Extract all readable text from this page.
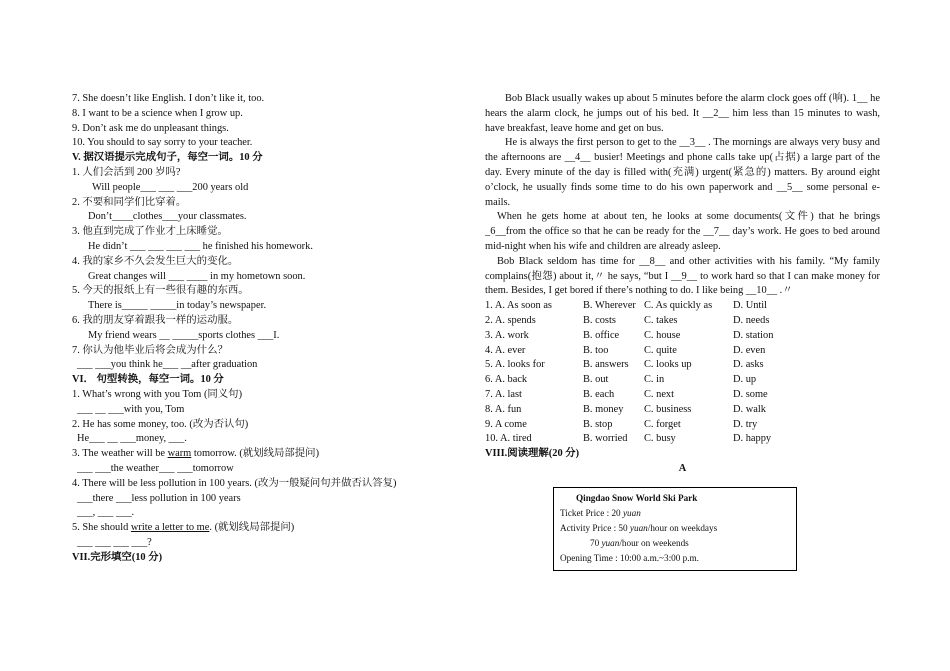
7. She doesn’t like English. I don’t like it, too.
8. I want to be a science when I grow up.
9. Don’t ask me do unpleasant things.
10. You should to say sorry to your teacher.
V. 据汉语提示完成句子，每空一词。10 分
1. 人们会活到 200 岁吗?
Will people___ ___ ___200 years old
2. 不要和同学们比穿着。
Don’t____clothes___your classmates.
3. 他直到完成了作业才上床睡觉。
He didn’t ___ ___ ___ ___ he finished his homework.
4. 我的家乡不久会发生巨大的变化。
Great changes will ___ ____ in my hometown soon.
5. 今天的报纸上有一些很有趣的东西。
There is_____ _____in today’s newspaper.
6. 我的朋友穿着跟我一样的运动服。
My friend wears __ _____sports clothes ___I.
7. 你认为他毕业后将会成为什么？
___ ___you think he___ __after graduation
VI． 句型转换，每空一词。10 分
1. What’s wrong with you Tom (同义句)
___ __ ___with you, Tom
2. He has some money, too. (改为否认句)
He___ __ ___money, ___.
3. The weather will be warm tomorrow. (就划线局部提问)
___ ___the weather___ ___tomorrow
4. There will be less pollution in 100 years. (改为一般疑问句并做否认答复)
___there ___less pollution in 100 years
___, ___ ___.
5. She should write a letter to me. (就划线局部提问)
___ ___ ___ ___?
VII.完形填空(10 分)
Bob Black usually wakes up about 5 minutes before the alarm clock goes off (响). 1__ he hears the alarm clock, he jumps out of his bed. It __2__ him less than 15 minutes to wash, have breakfast, leave home and get on bus.
He is always the first person to get to the __3__ . The mornings are always very busy and the afternoons are __4__ busier! Meetings and phone calls take up(占据) a large part of the day. Every minute of the day is filled with(充满) urgent(紧急的) matters. By around eight o’clock, he usually finds some time to do his own paperwork and __5__ some personal e-mails.
When he gets home at about ten, he looks at some documents(文件) that he brings _6__from the office so that he can be ready for the __7__ day’s work. He goes to bed around mid-night when his wife and children are already asleep.
Bob Black seldom has time for __8__ and other activities with his family. “My family complains(抱怨) about it,〃 he says, “but I __9__ to work hard so that I can make money for them. Besides, I get bored if there’s nothing to do. I like being __10__ .〃
1. A. As soon as	B. Wherever C. As quickly as	D. Until
2. A. spends	B. costs	C. takes	D. needs
3. A. work	B. office	C. house	D. station
4. A. ever	B. too	C. quite	D. even
5. A. looks for	B. answers	C. looks up	D. asks
6. A. back	B. out	C. in	D. up
7. A. last	B. each	C. next	D. some
8. A. fun	B. money	C. business	D. walk
9. A come	B. stop	C. forget	D. try
10. A. tired	B. worried	C. busy	D. happy
VIII.阅读理解(20 分)
A
Qingdao Snow World Ski Park
Ticket Price : 20 yuan
Activity Price : 50 yuan/hour on weekdays
70 yuan/hour on weekends
Opening Time : 10:00 a.m.~3:00 p.m.
